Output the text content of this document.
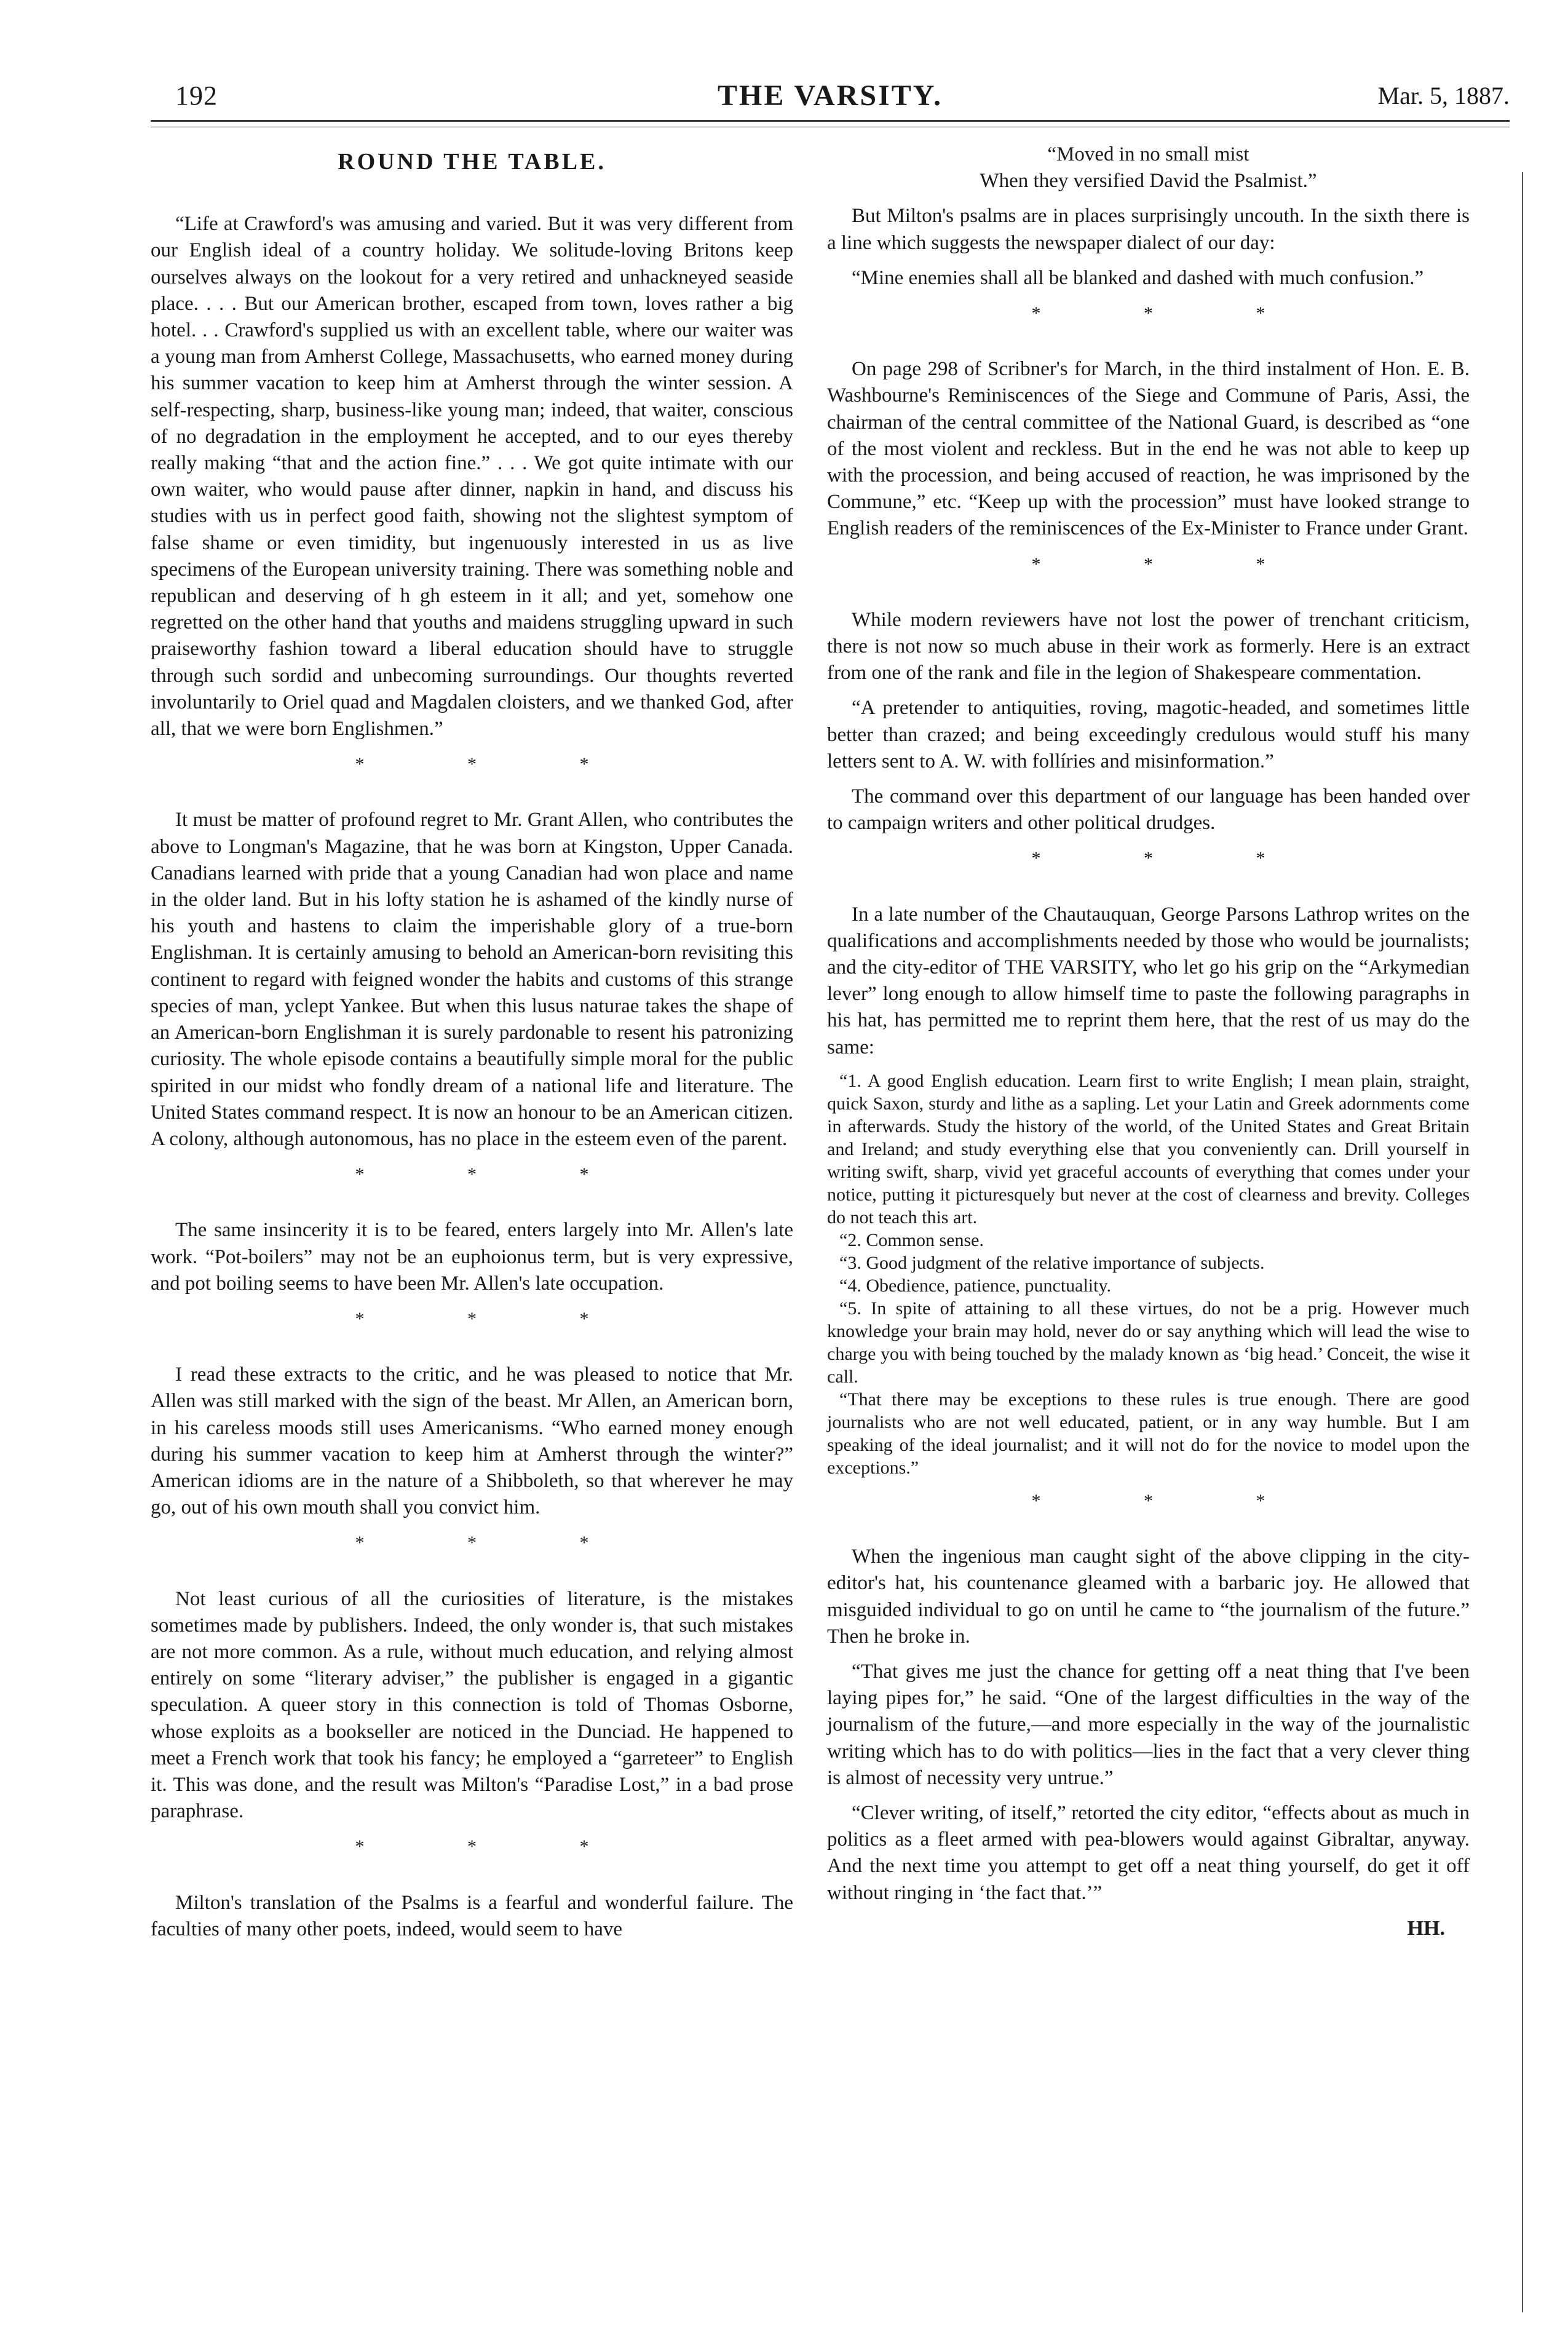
192	THE VARSITY.	Mar. 5, 1887.
ROUND THE TABLE.

“Life at Crawford's was amusing and varied. But it was very different from our English ideal of a country holiday. We solitude-loving Britons keep ourselves always on the lookout for a very retired and unhackneyed seaside place. . . . But our American brother, escaped from town, loves rather a big hotel. . . Crawford's supplied us with an excellent table, where our waiter was a young man from Amherst College, Massachusetts, who earned money during his summer vacation to keep him at Amherst through the winter session. A self-respecting, sharp, business-like young man; indeed, that waiter, conscious of no degradation in the employment he accepted, and to our eyes thereby really making “that and the action fine.” . . . We got quite intimate with our own waiter, who would pause after dinner, napkin in hand, and discuss his studies with us in perfect good faith, showing not the slightest symptom of false shame or even timidity, but ingenuously interested in us as live specimens of the European university training. There was something noble and republican and deserving of h gh esteem in it all; and yet, somehow one regretted on the other hand that youths and maidens struggling upward in such praiseworthy fashion toward a liberal education should have to struggle through such sordid and unbecoming surroundings. Our thoughts reverted involuntarily to Oriel quad and Magdalen cloisters, and we thanked God, after all, that we were born Englishmen.”

* * *

It must be matter of profound regret to Mr. Grant Allen, who contributes the above to Longman's Magazine, that he was born at Kingston, Upper Canada. Canadians learned with pride that a young Canadian had won place and name in the older land. But in his lofty station he is ashamed of the kindly nurse of his youth and hastens to claim the imperishable glory of a true-born Englishman. It is certainly amusing to behold an American-born revisiting this continent to regard with feigned wonder the habits and customs of this strange species of man, yclept Yankee. But when this lusus naturae takes the shape of an American-born Englishman it is surely pardonable to resent his patronizing curiosity. The whole episode contains a beautifully simple moral for the public spirited in our midst who fondly dream of a national life and literature. The United States command respect. It is now an honour to be an American citizen. A colony, although autonomous, has no place in the esteem even of the parent.

* * *

The same insincerity it is to be feared, enters largely into Mr. Allen's late work. “Pot-boilers” may not be an euphoionus term, but is very expressive, and pot boiling seems to have been Mr. Allen's late occupation.

* * *

I read these extracts to the critic, and he was pleased to notice that Mr. Allen was still marked with the sign of the beast. Mr Allen, an American born, in his careless moods still uses Americanisms. “Who earned money enough during his summer vacation to keep him at Amherst through the winter?” American idioms are in the nature of a Shibboleth, so that wherever he may go, out of his own mouth shall you convict him.

* * *

Not least curious of all the curiosities of literature, is the mistakes sometimes made by publishers. Indeed, the only wonder is, that such mistakes are not more common. As a rule, without much education, and relying almost entirely on some “literary adviser,” the publisher is engaged in a gigantic speculation. A queer story in this connection is told of Thomas Osborne, whose exploits as a bookseller are noticed in the Dunciad. He happened to meet a French work that took his fancy; he employed a “garreteer” to English it. This was done, and the result was Milton's “Paradise Lost,” in a bad prose paraphrase.

* * *

Milton's translation of the Psalms is a fearful and wonderful failure. The faculties of many other poets, indeed, would seem to have

“Moved in no small mist

When they versified David the Psalmist.”

But Milton's psalms are in places surprisingly uncouth. In the sixth there is a line which suggests the newspaper dialect of our day:

“Mine enemies shall all be blanked and dashed with much confusion.”

* * *

On page 298 of Scribner's for March, in the third instalment of Hon. E. B. Washbourne's Reminiscences of the Siege and Commune of Paris, Assi, the chairman of the central committee of the National Guard, is described as “one of the most violent and reckless. But in the end he was not able to keep up with the procession, and being accused of reaction, he was imprisoned by the Commune,” etc. “Keep up with the procession” must have looked strange to English readers of the reminiscences of the Ex-Minister to France under Grant.

* * *

While modern reviewers have not lost the power of trenchant criticism, there is not now so much abuse in their work as formerly. Here is an extract from one of the rank and file in the legion of Shakespeare commentation.

“A pretender to antiquities, roving, magotic-headed, and sometimes little better than crazed; and being exceedingly credulous would stuff his many letters sent to A. W. with follíries and misinformation.”

The command over this department of our language has been handed over to campaign writers and other political drudges.

* * *

In a late number of the Chautauquan, George Parsons Lathrop writes on the qualifications and accomplishments needed by those who would be journalists; and the city-editor of THE VARSITY, who let go his grip on the “Arkymedian lever” long enough to allow himself time to paste the following paragraphs in his hat, has permitted me to reprint them here, that the rest of us may do the same:

“1. A good English education. Learn first to write English; I mean plain, straight, quick Saxon, sturdy and lithe as a sapling. Let your Latin and Greek adornments come in afterwards. Study the history of the world, of the United States and Great Britain and Ireland; and study everything else that you conveniently can. Drill yourself in writing swift, sharp, vivid yet graceful accounts of everything that comes under your notice, putting it picturesquely but never at the cost of clearness and brevity. Colleges do not teach this art.

“2. Common sense.

“3. Good judgment of the relative importance of subjects.

“4. Obedience, patience, punctuality.

“5. In spite of attaining to all these virtues, do not be a prig. However much knowledge your brain may hold, never do or say anything which will lead the wise to charge you with being touched by the malady known as ‘big head.’ Conceit, the wise it call.

“That there may be exceptions to these rules is true enough. There are good journalists who are not well educated, patient, or in any way humble. But I am speaking of the ideal journalist; and it will not do for the novice to model upon the exceptions.”

* * *

When the ingenious man caught sight of the above clipping in the city-editor's hat, his countenance gleamed with a barbaric joy. He allowed that misguided individual to go on until he came to “the journalism of the future.” Then he broke in.

“That gives me just the chance for getting off a neat thing that I've been laying pipes for,” he said. “One of the largest difficulties in the way of the journalism of the future,—and more especially in the way of the journalistic writing which has to do with politics—lies in the fact that a very clever thing is almost of necessity very untrue.”

“Clever writing, of itself,” retorted the city editor, “effects about as much in politics as a fleet armed with pea-blowers would against Gibraltar, anyway. And the next time you attempt to get off a neat thing yourself, do get it off without ringing in ‘the fact that.’”

HH.
